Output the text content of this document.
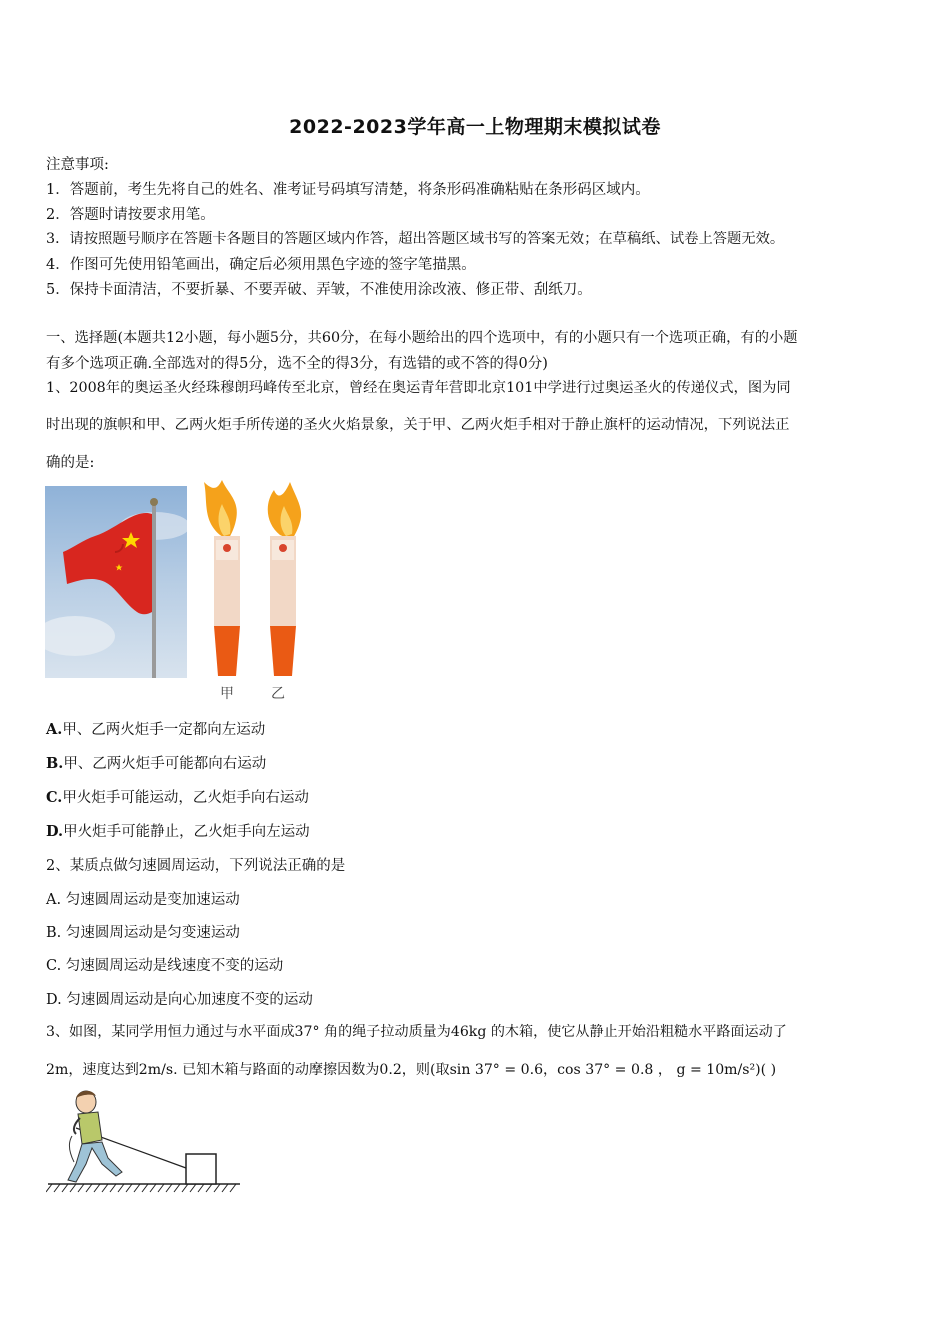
2022-2023学年高一上物理期末模拟试卷
注意事项:
1．答题前，考生先将自己的姓名、准考证号码填写清楚，将条形码准确粘贴在条形码区域内。
2．答题时请按要求用笔。
3．请按照题号顺序在答题卡各题目的答题区域内作答，超出答题区域书写的答案无效；在草稿纸、试卷上答题无效。
4．作图可先使用铅笔画出，确定后必须用黑色字迹的签字笔描黑。
5．保持卡面清洁，不要折暴、不要弄破、弄皱，不准使用涂改液、修正带、刮纸刀。
一、选择题(本题共12小题，每小题5分，共60分，在每小题给出的四个选项中，有的小题只有一个选项正确，有的小题
有多个选项正确.全部选对的得5分，选不全的得3分，有选错的或不答的得0分)
1、2008年的奥运圣火经珠穆朗玛峰传至北京，曾经在奥运青年营即北京101中学进行过奥运圣火的传递仪式，图为同
时出现的旗帜和甲、乙两火炬手所传递的圣火火焰景象，关于甲、乙两火炬手相对于静止旗杆的运动情况，下列说法正
确的是:
甲	乙
A.甲、乙两火炬手一定都向左运动
B.甲、乙两火炬手可能都向右运动
C.甲火炬手可能运动，乙火炬手向右运动
D.甲火炬手可能静止，乙火炬手向左运动
2、某质点做匀速圆周运动，下列说法正确的是
A. 匀速圆周运动是变加速运动
B. 匀速圆周运动是匀变速运动
C. 匀速圆周运动是线速度不变的运动
D. 匀速圆周运动是向心加速度不变的运动
3、如图，某同学用恒力通过与水平面成37° 角的绳子拉动质量为46kg 的木箱，使它从静止开始沿粗糙水平路面运动了
2m，速度达到2m/s. 已知木箱与路面的动摩擦因数为0.2，则(取sin 37° = 0.6，cos 37° = 0.8 ， g = 10m/s²)( )
